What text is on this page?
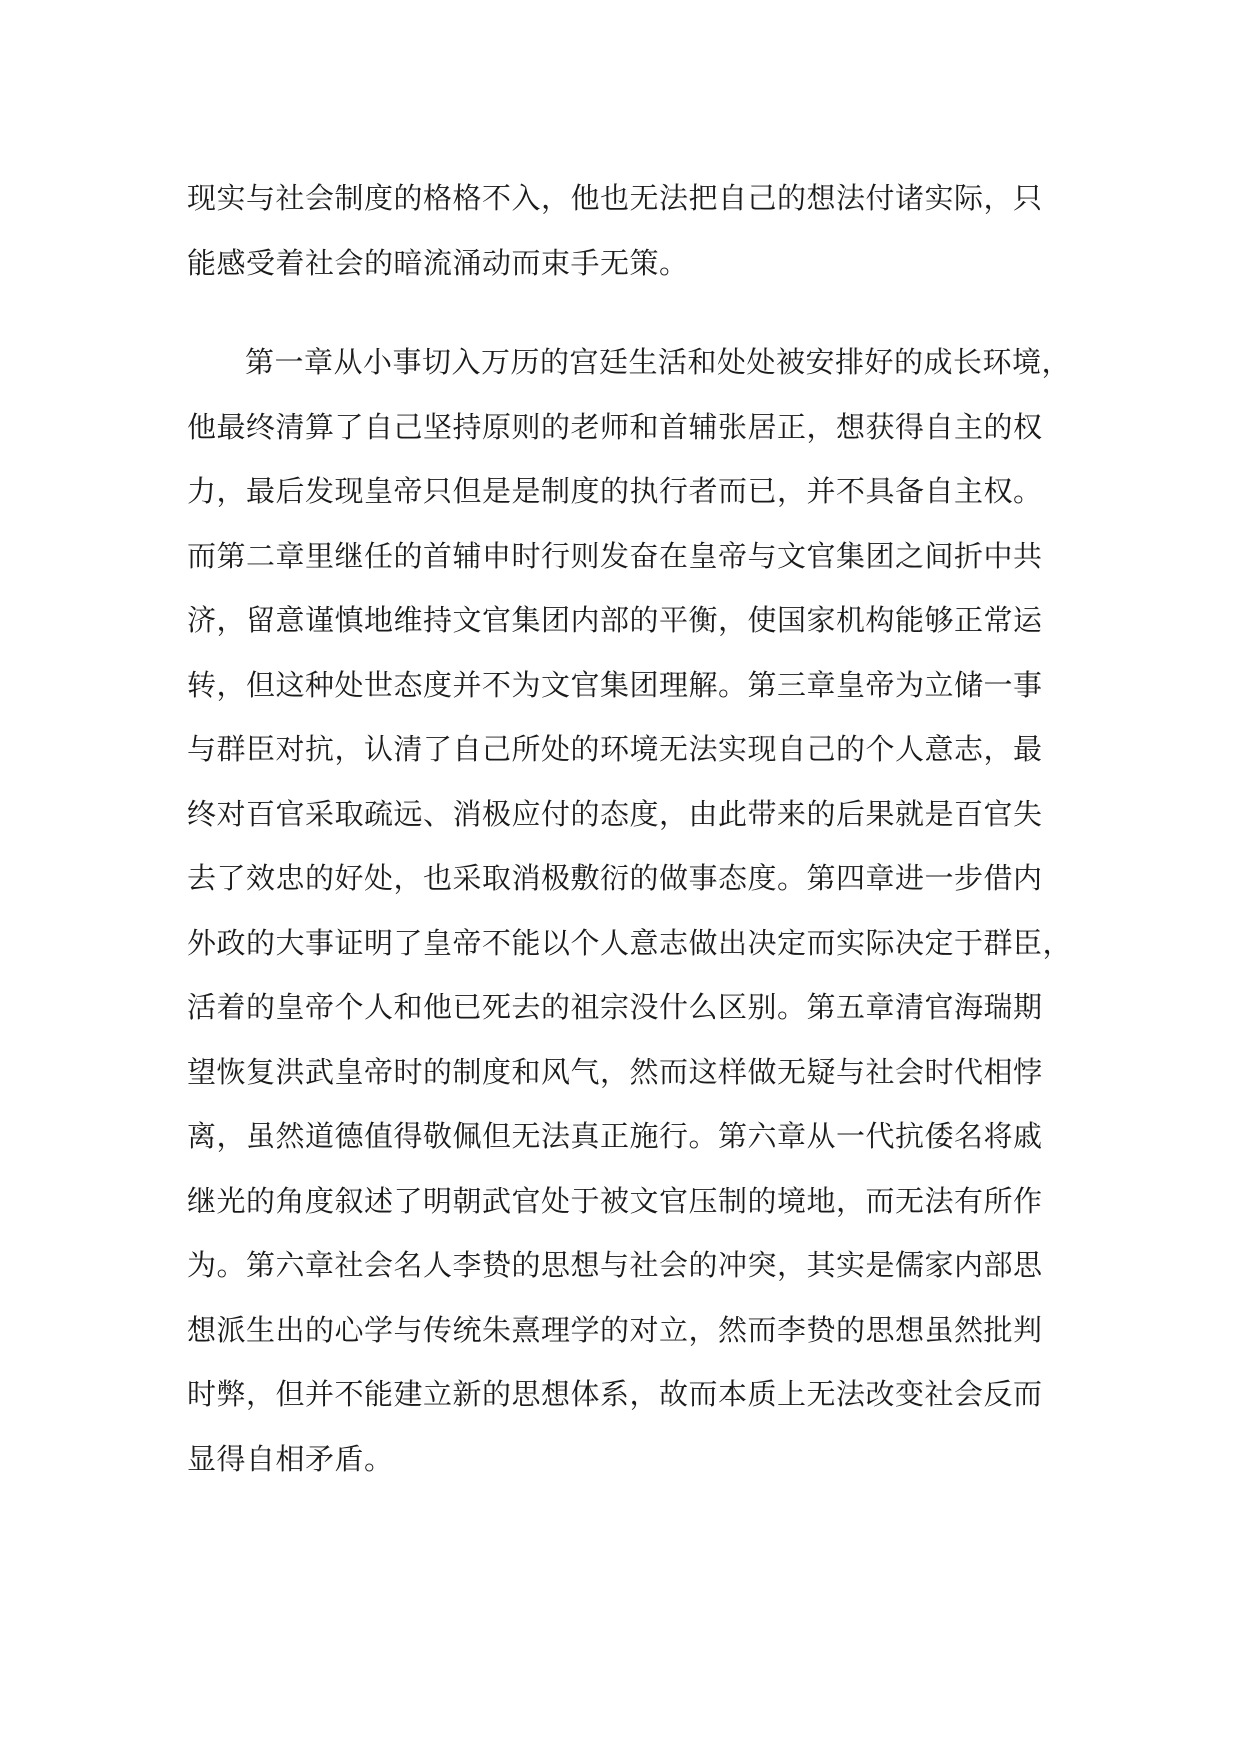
现实与社会制度的格格不入，他也无法把自己的想法付诸实际，只
能感受着社会的暗流涌动而束手无策。
第一章从小事切入万历的宫廷生活和处处被安排好的成长环境，
他最终清算了自己坚持原则的老师和首辅张居正，想获得自主的权
力，最后发现皇帝只但是是制度的执行者而已，并不具备自主权。
而第二章里继任的首辅申时行则发奋在皇帝与文官集团之间折中共
济，留意谨慎地维持文官集团内部的平衡，使国家机构能够正常运
转，但这种处世态度并不为文官集团理解。第三章皇帝为立储一事
与群臣对抗，认清了自己所处的环境无法实现自己的个人意志，最
终对百官采取疏远、消极应付的态度，由此带来的后果就是百官失
去了效忠的好处，也采取消极敷衍的做事态度。第四章进一步借内
外政的大事证明了皇帝不能以个人意志做出决定而实际决定于群臣，
活着的皇帝个人和他已死去的祖宗没什么区别。第五章清官海瑞期
望恢复洪武皇帝时的制度和风气，然而这样做无疑与社会时代相悖
离，虽然道德值得敬佩但无法真正施行。第六章从一代抗倭名将戚
继光的角度叙述了明朝武官处于被文官压制的境地，而无法有所作
为。第六章社会名人李贽的思想与社会的冲突，其实是儒家内部思
想派生出的心学与传统朱熹理学的对立，然而李贽的思想虽然批判
时弊，但并不能建立新的思想体系，故而本质上无法改变社会反而
显得自相矛盾。
